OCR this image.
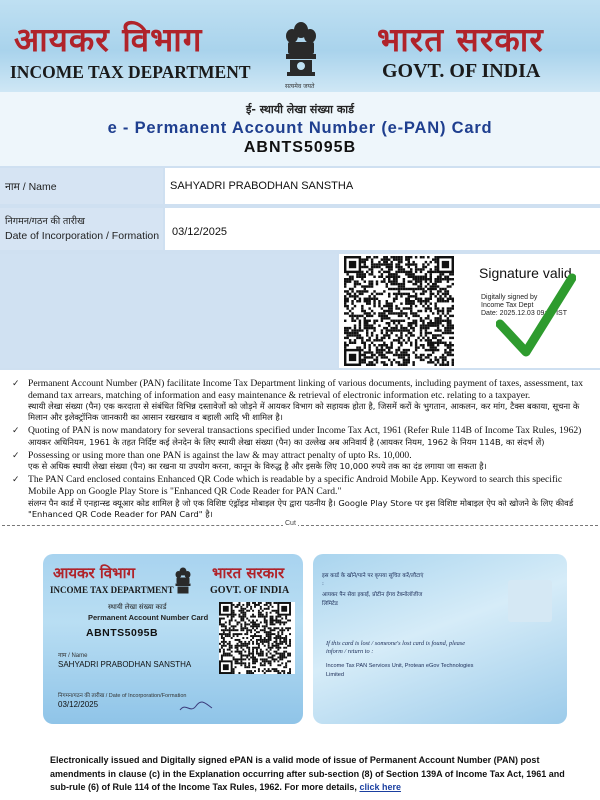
आयकर विभाग
INCOME TAX DEPARTMENT
भारत सरकार
GOVT. OF INDIA
सत्यमेव जयते
ई- स्थायी लेखा संख्या कार्ड
e - Permanent Account Number (e-PAN) Card
ABNTS5095B
नाम / Name	SAHYADRI PRABODHAN SANSTHA
निगमन/गठन की तारीख
Date of Incorporation / Formation 03/12/2025
Signature valid
Digitally signed by
Income Tax Dept
Date: 2025.12.03 09:51 IST
✓ Permanent Account Number (PAN) facilitate Income Tax Department linking of various documents, including payment of taxes, assessment, tax demand tax arrears, matching of information and easy maintenance & retrieval of electronic information etc. relating to a taxpayer.
स्थायी लेखा संख्या (पैन) एक करदाता से संबंधित विभिन्न दस्तावेजों को जोड़ने में आयकर विभाग को सहायक होता है, जिसमें करों के भुगतान, आकलन, कर मांग, टैक्स बकाया, सूचना के मिलान और इलेक्ट्रॉनिक जानकारी का आसान रखरखाव व बहाली आदि भी शामिल है।
✓ Quoting of PAN is now mandatory for several transactions specified under Income Tax Act, 1961 (Refer Rule 114B of Income Tax Rules, 1962)
आयकर अधिनियम, 1961 के तहत निर्दिष्ट कई लेनदेन के लिए स्थायी लेखा संख्या (पैन) का उल्लेख अब अनिवार्य है (आयकर नियम, 1962 के नियम 114B, का संदर्भ लें)
✓ Possessing or using more than one PAN is against the law & may attract penalty of upto Rs. 10,000.
एक से अधिक स्थायी लेखा संख्या (पैन) का रखना या उपयोग करना, कानून के विरुद्ध है और इसके लिए 10,000 रुपये तक का दंड लगाया जा सकता है।
✓ The PAN Card enclosed contains Enhanced QR Code which is readable by a specific Android Mobile App. Keyword to search this specific Mobile App on Google Play Store is "Enhanced QR Code Reader for PAN Card."
संलग्न पैन कार्ड में एनहान्स्ड क्यूआर कोड शामिल है जो एक विशिष्ट एंड्रॉइड मोबाइल ऐप द्वारा पठनीय है। Google Play Store पर इस विशिष्ट मोबाइल ऐप को खोजने के लिए कीवर्ड "Enhanced QR Code Reader for PAN Card" है।
Cut
आयकर विभाग
INCOME TAX DEPARTMENT
भारत सरकार
GOVT. OF INDIA
स्थायी लेखा संख्या कार्ड
Permanent Account Number Card
ABNTS5095B
नाम / Name
SAHYADRI PRABODHAN SANSTHA
निगमन/गठन की तारीख / Date of Incorporation/Formation
03/12/2025
इस कार्ड के खोने/पाने पर कृपया सूचित करें/लौटाएं :
आयकर पैन सेवा इकाई, प्रोटीन ईगव टेक्नोलॉजीज लिमिटेड
If this card is lost / someone's lost card is found, please inform / return to :
Income Tax PAN Services Unit, Protean eGov Technologies Limited
Electronically issued and Digitally signed ePAN is a valid mode of issue of Permanent Account Number (PAN) post amendments in clause (c) in the Explanation occurring after sub-section (8) of Section 139A of Income Tax Act, 1961 and sub-rule (6) of Rule 114 of the Income Tax Rules, 1962. For more details, click here
